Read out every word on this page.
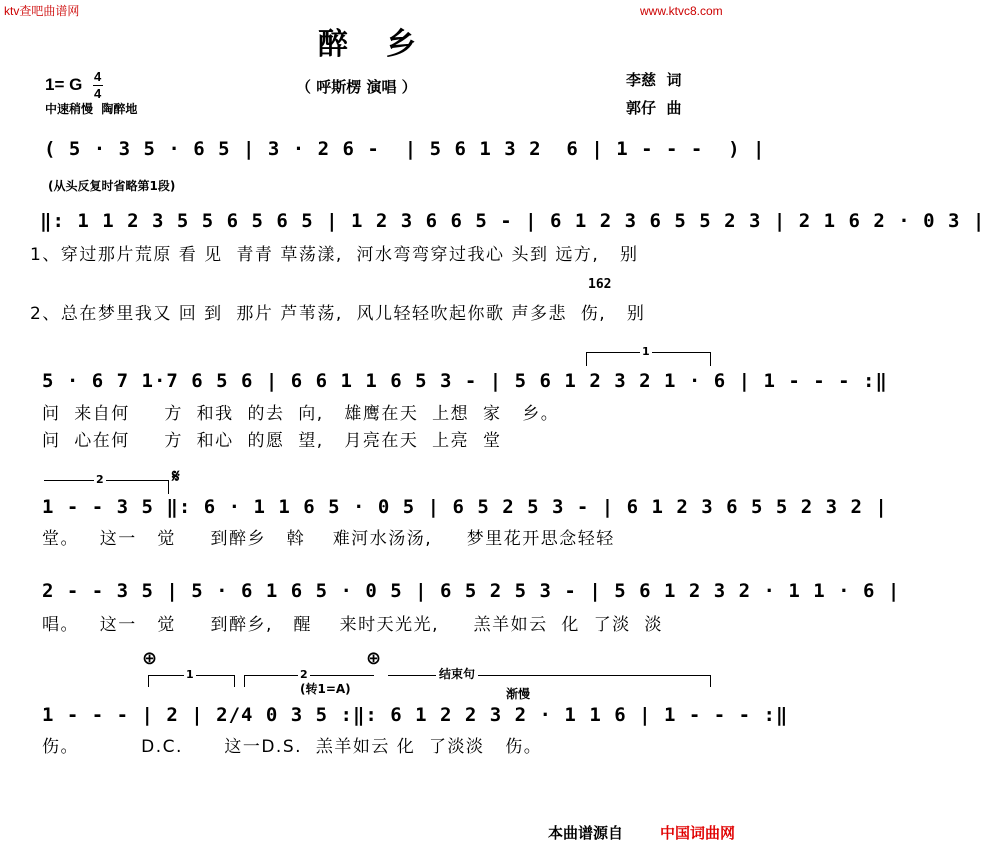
ktv查吧曲谱网	www.ktvc8.com
醉乡
（ 呼斯楞 演唱 ）
1= G 4
4
中速稍慢  陶醉地
李慈  词
郭仔  曲
( 5 · 3 5 · 6 5 | 3 · 2 6 -  | 5 6 1 3 2  6 | 1 - - -  ) |
(从头反复时省略第1段)
‖: 1 1 2 3 5 5 6 5 6 5 | 1 2 3 6 6 5 - | 6 1 2 3 6 5 5 2 3 | 2 1 6 2 · 0 3 |
1、穿过那片荒原 看 见  青青 草荡漾,  河水弯弯穿过我心 头到 远方,   别
162
2、总在梦里我又 回 到  那片 芦苇荡,  风儿轻轻吹起你歌 声多悲  伤,   别
1
5 · 6 7 1·7 6 5 6 | 6 6 1 1 6 5 3 - | 5 6 1 2 3 2 1 · 6 | 1 - - - :‖
问  来自何     方  和我  的去  向,   雄鹰在天  上想  家   乡。
问  心在何     方  和心  的愿  望,   月亮在天  上亮  堂
2	𝄋
1 - - 3 5 ‖: 6 · 1 1 6 5 · 0 5 | 6 5 2 5 3 - | 6 1 2 3 6 5 5 2 3 2 |
堂。   这一   觉     到醉乡   斡    难河水汤汤,     梦里花开思念轻轻
2 - - 3 5 | 5 · 6 1 6 5 · 0 5 | 6 5 2 5 3 - | 5 6 1 2 3 2 · 1 1 · 6 |
唱。   这一   觉     到醉乡,   醒    来时天光光,     羔羊如云  化  了淡  淡
⊕	⊕
1	2
(转1=A)
结束句
渐慢
1 - - - | 2 | 2/4 0 3 5 :‖: 6 1 2 2 3 2 · 1 1 6 | 1 - - - :‖
伤。         D.C.      这一D.S.  羔羊如云 化  了淡淡   伤。
本曲谱源自 中国词曲网
